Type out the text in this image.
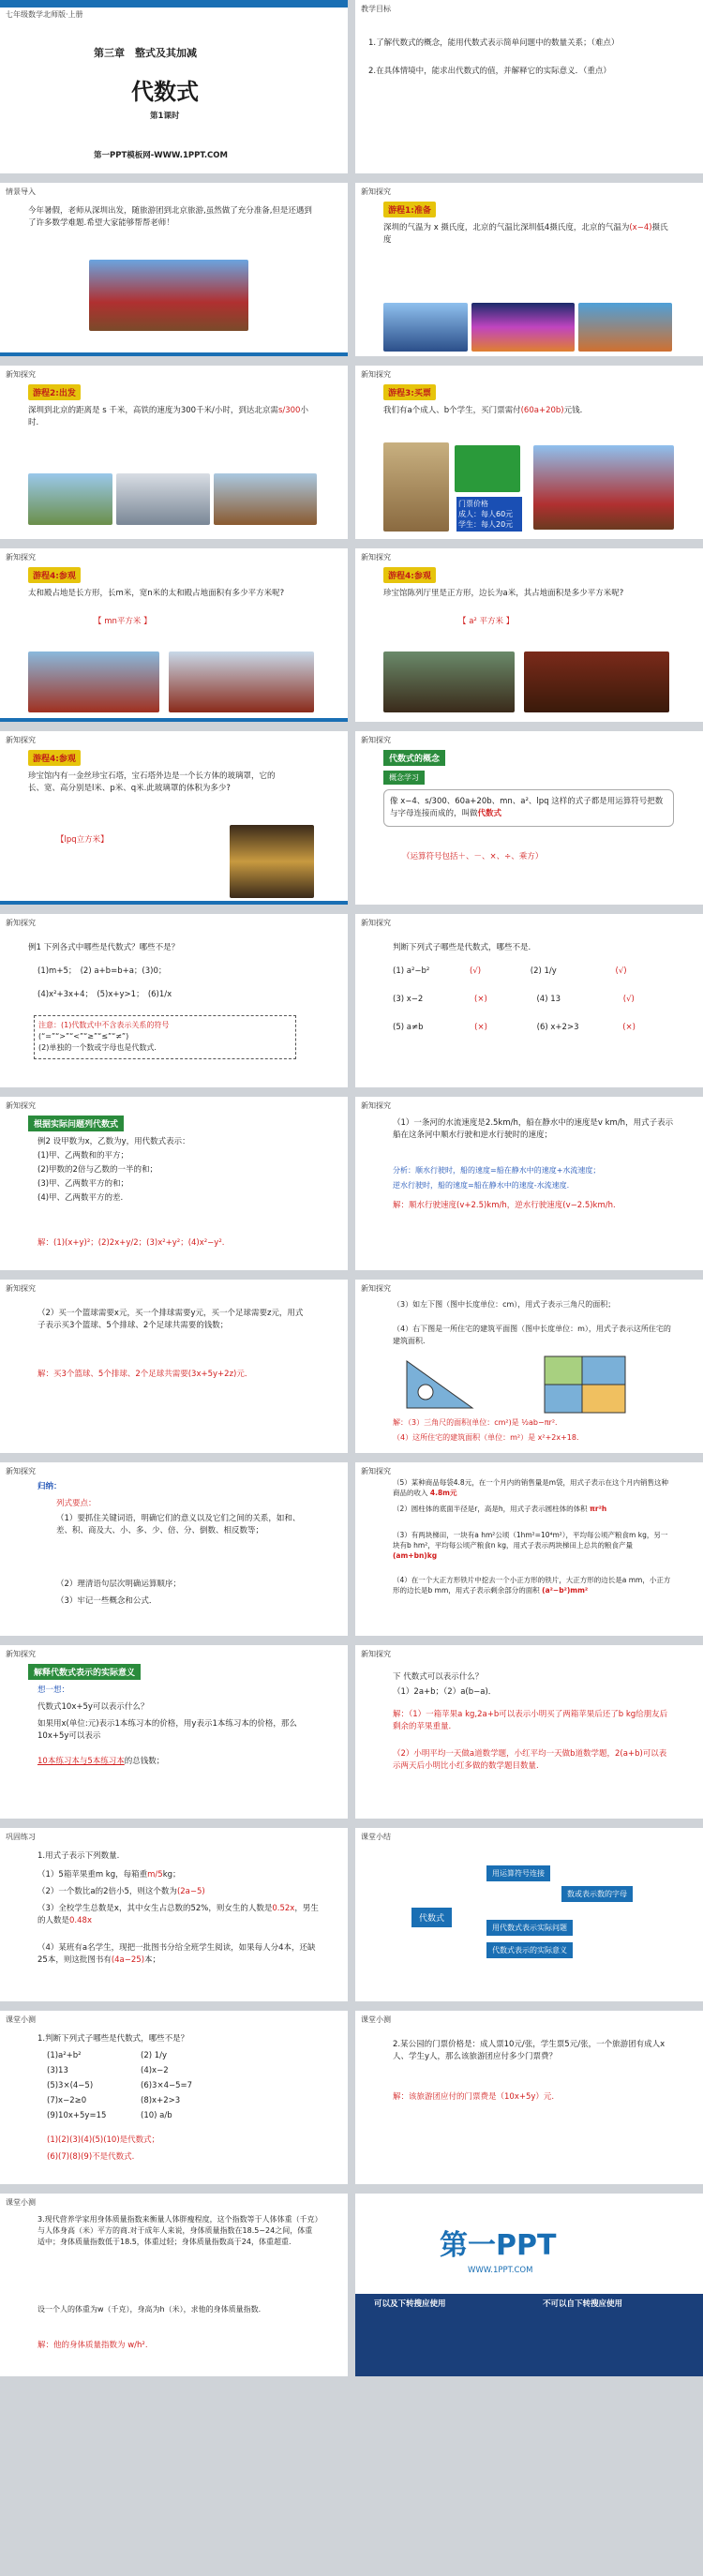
七年级数学北师版·上册
第三章　整式及其加减
代数式
第1课时
第一PPT模板网-WWW.1PPT.COM
教学目标
1.了解代数式的概念，能用代数式表示简单问题中的数量关系；（难点）
2.在具体情境中，能求出代数式的值，并解释它的实际意义．（重点）
情景导入
今年暑假，老师从深圳出发，随旅游团到北京旅游,虽然做了充分准备,但是还遇到了许多数学难题.希望大家能够帮帮老师！
新知探究
游程1:准备
深圳的气温为 x 摄氏度，北京的气温比深圳低4摄氏度，北京的气温为(x−4)摄氏度
新知探究
游程2:出发
深圳到北京的距离是 s 千米，高铁的速度为300千米/小时，到达北京需s/300小时.
新知探究
游程3:买票
我们有a个成人、b个学生，买门票需付(60a+20b)元钱.
门票价格
成人：每人60元
学生：每人20元
新知探究
游程4:参观
太和殿占地是长方形，长m米，宽n米的太和殿占地面积有多少平方米呢?
【 mn平方米 】
新知探究
游程4:参观
珍宝馆陈列厅里是正方形，边长为a米，其占地面积是多少平方米呢?
【 a² 平方米 】
新知探究
游程4:参观
珍宝馆内有一金丝珍宝石塔，宝石塔外边是一个长方体的玻璃罩，它的长、宽、高分别是l米、p米、q米.此玻璃罩的体积为多少?
【lpq立方米】
新知探究
代数式的概念
概念学习
像 x−4、s/300、60a+20b、mn、a²、lpq 这样的式子都是用运算符号把数与字母连接而成的，叫做代数式
（运算符号包括＋、－、×、÷、乘方）
新知探究
例1 下列各式中哪些是代数式？哪些不是？
(1)m+5；　(2) a+b=b+a；(3)0；
(4)x²+3x+4；　(5)x+y>1；　(6)1/x
注意：(1)代数式中不含表示关系的符号
(“=”“>”“<”“≥”“≤”“≠”)
(2)单独的一个数或字母也是代数式．
新知探究
判断下列式子哪些是代数式，哪些不是.
(1) a²−b²	(√)	(2) 1/y	(√)
(3) x−2	(×)	(4) 13	(√)
(5) a≠b	(×)	(6) x+2>3	(×)
新知探究
根据实际问题列代数式
例2 设甲数为x，乙数为y，用代数式表示：
(1)甲、乙两数和的平方；
(2)甲数的2倍与乙数的一半的和；
(3)甲、乙两数平方的和；
(4)甲、乙两数平方的差.
解：(1)(x+y)²；(2)2x+y/2；(3)x²+y²；(4)x²−y².
新知探究
（1）一条河的水流速度是2.5km/h，船在静水中的速度是v km/h，用式子表示船在这条河中顺水行驶和逆水行驶时的速度；
分析：顺水行驶时，船的速度=船在静水中的速度+水流速度；
逆水行驶时，船的速度=船在静水中的速度-水流速度.
解：顺水行驶速度(v+2.5)km/h，逆水行驶速度(v−2.5)km/h.
新知探究
（2）买一个篮球需要x元，买一个排球需要y元，买一个足球需要z元，用式子表示买3个篮球、5个排球、2个足球共需要的钱数；
解：买3个篮球、5个排球、2个足球共需要(3x+5y+2z)元．
新知探究
（3）如左下图（图中长度单位：cm），用式子表示三角尺的面积；
（4）右下图是一所住宅的建筑平面图（图中长度单位：m），用式子表示这所住宅的建筑面积．
解：（3）三角尺的面积(单位：cm²)是 ½ab−πr²．
（4）这所住宅的建筑面积（单位：m²）是 x²+2x+18．
新知探究
归纳：
列式要点：
（1）要抓住关键词语，明确它们的意义以及它们之间的关系，如和、差、积、商及大、小、多、少、倍、分、倒数、相反数等；
（2）理清语句层次明确运算顺序；
（3）牢记一些概念和公式．
新知探究
（5）某种商品每袋4.8元，在一个月内的销售量是m袋，用式子表示在这个月内销售这种商品的收入 4.8m元
（2）圆柱体的底面半径是r，高是h，用式子表示圆柱体的体积 πr²h
（3）有两块梯田，一块有a hm²公顷（1hm²=10⁴m²），平均每公顷产粮食m kg，另一块有b hm²，平均每公顷产粮食n kg，用式子表示两块梯田上总共的粮食产量 (am+bn)kg
（4）在一个大正方形铁片中挖去一个小正方形的铁片，大正方形的边长是a mm，小正方形的边长是b mm，用式子表示剩余部分的面积 (a²−b²)mm²
新知探究
解释代数式表示的实际意义
想一想：
代数式10x+5y可以表示什么？
如果用x(单位:元)表示1本练习本的价格，用y表示1本练习本的价格，那么10x+5y可以表示
10本练习本与5本练习本的总钱数；
新知探究
下 代数式可以表示什么？
（1）2a+b；（2）a(b−a)．
解：（1）一箱苹果a kg,2a+b可以表示小明买了两箱苹果后还了b kg给朋友后剩余的苹果重量.
（2）小明平均一天做a道数学题，小红平均一天做b道数学题，2(a+b)可以表示两天后小明比小红多做的数学题目数量.
巩固练习
1.用式子表示下列数量.
（1）5箱苹果重m kg，每箱重m/5kg；
（2）一个数比a的2倍小5，则这个数为(2a−5)
（3）全校学生总数是x，其中女生占总数的52%，则女生的人数是0.52x，男生的人数是0.48x
（4）某班有a名学生，现把一批图书分给全班学生阅读，如果每人分4本，还缺25本，则这批图书有(4a−25)本；
课堂小结
代数式
用运算符号连接
数或表示数的字母
用代数式表示实际问题
代数式表示的实际意义
课堂小测
1.判断下列式子哪些是代数式，哪些不是？
(1)a²+b²	(2) 1/y
(3)13	(4)x−2
(5)3×(4−5)	(6)3×4−5=7
(7)x−2≥0	(8)x+2>3
(9)10x+5y=15	(10) a/b
(1)(2)(3)(4)(5)(10)是代数式；
(6)(7)(8)(9)不是代数式.
课堂小测
2.某公园的门票价格是：成人票10元/张，学生票5元/张，一个旅游团有成人x人、学生y人，那么该旅游团应付多少门票费？
解：该旅游团应付的门票费是（10x+5y）元.
课堂小测
3.现代营养学家用身体质量指数来衡量人体胖瘦程度，这个指数等于人体体重（千克）与人体身高（米）平方的商.对于成年人来说，身体质量指数在18.5~24之间，体重适中；身体质量指数低于18.5，体重过轻；身体质量指数高于24，体重超重.
设一个人的体重为w（千克），身高为h（米），求他的身体质量指数.
解：他的身体质量指数为 w/h².
第一PPT
WWW.1PPT.COM
可以及下转搜应使用	不可以自下转搜应使用
